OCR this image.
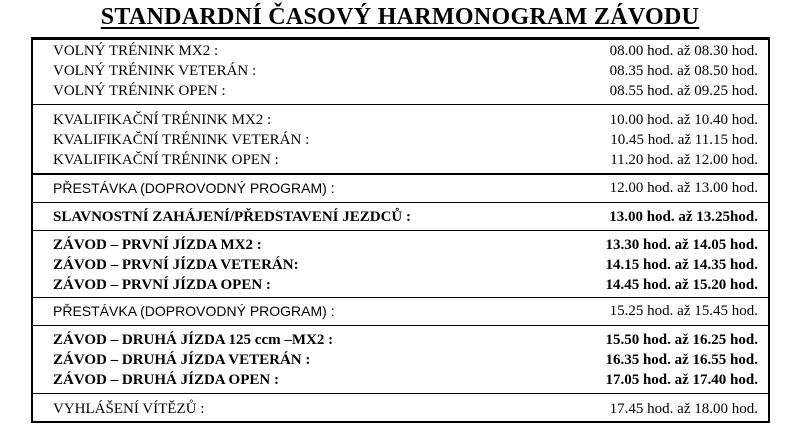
STANDARDNÍ ČASOVÝ HARMONOGRAM ZÁVODU
VOLNÝ TRÉNINK MX2 :	08.00 hod. až 08.30 hod.
VOLNÝ TRÉNINK VETERÁN :	08.35 hod. až 08.50 hod.
VOLNÝ TRÉNINK OPEN :	08.55 hod. až 09.25 hod.
KVALIFIKAČNÍ TRÉNINK MX2 :	10.00 hod. až 10.40 hod.
KVALIFIKAČNÍ TRÉNINK VETERÁN :	10.45 hod. až 11.15 hod.
KVALIFIKAČNÍ TRÉNINK OPEN :	11.20 hod. až 12.00 hod.
PŘESTÁVKA (DOPROVODNÝ PROGRAM) :	12.00 hod. až 13.00 hod.
SLAVNOSTNÍ ZAHÁJENÍ/PŘEDSTAVENÍ JEZDCŮ :	13.00 hod. až 13.25hod.
ZÁVOD – PRVNÍ JÍZDA MX2 :	13.30 hod. až 14.05 hod.
ZÁVOD – PRVNÍ JÍZDA VETERÁN:	14.15 hod. až 14.35 hod.
ZÁVOD – PRVNÍ JÍZDA OPEN :	14.45 hod. až 15.20 hod.
PŘESTÁVKA (DOPROVODNÝ PROGRAM) :	15.25 hod. až 15.45 hod.
ZÁVOD – DRUHÁ JÍZDA 125 ccm –MX2 :	15.50 hod. až 16.25 hod.
ZÁVOD – DRUHÁ JÍZDA VETERÁN :	16.35 hod. až 16.55 hod.
ZÁVOD – DRUHÁ JÍZDA OPEN :	17.05 hod. až 17.40 hod.
VYHLÁŠENÍ VÍTĚZŮ :	17.45 hod. až 18.00 hod.
